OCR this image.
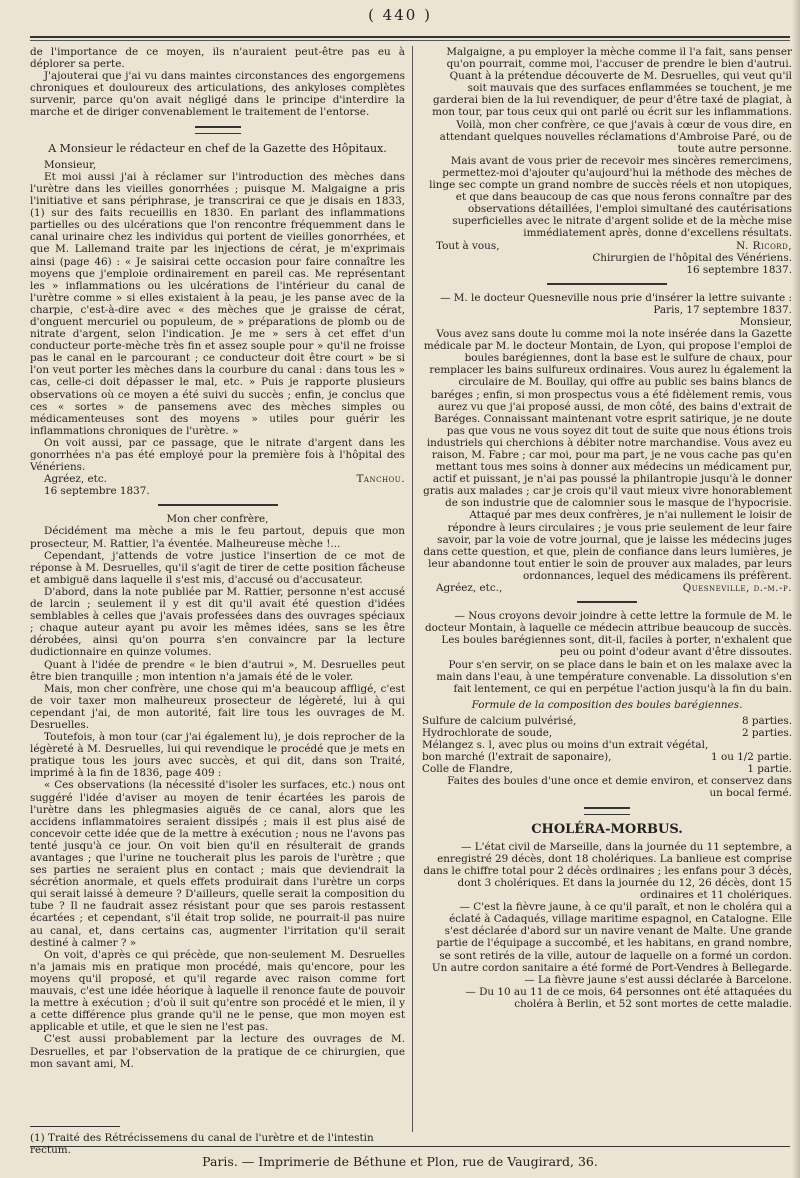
( 440 )

de l'importance de ce moyen, ils n'auraient peut-être pas eu à déplorer sa perte.

J'ajouterai que j'ai vu dans maintes circonstances des engorgemens chroniques et douloureux des articulations, des ankyloses complètes survenir, parce qu'on avait négligé dans le principe d'interdire la marche et de diriger convenablement le traitement de l'entorse.

A Monsieur le rédacteur en chef de la Gazette des Hôpitaux.

Monsieur,

Et moi aussi j'ai à réclamer sur l'introduction des mèches dans l'urètre dans les vieilles gonorrhées ; puisque M. Malgaigne a pris l'initiative et sans périphrase, je transcrirai ce que je disais en 1833, (1) sur des faits recueillis en 1830. En parlant des inflammations partielles ou des ulcérations que l'on rencontre fréquemment dans le canal urinaire chez les individus qui portent de vieilles gonorrhées, et que M. Lallemand traite par les injections de cérat, je m'exprimais ainsi (page 46) : « Je saisirai cette occasion pour faire connaître les moyens que j'emploie ordinairement en pareil cas. Me représentant les » inflammations ou les ulcérations de l'intérieur du canal de l'urètre comme » si elles existaient à la peau, je les panse avec de la charpie, c'est-à-dire avec « des mèches que je graisse de cérat, d'onguent mercuriel ou populeum, de » préparations de plomb ou de nitrate d'argent, selon l'indication. Je me » sers à cet effet d'un conducteur porte-mèche très fin et assez souple pour » qu'il ne froisse pas le canal en le parcourant ; ce conducteur doit être court » be si l'on veut porter les mèches dans la courbure du canal : dans tous les » cas, celle-ci doit dépasser le mal, etc. » Puis je rapporte plusieurs observations où ce moyen a été suivi du succès ; enfin, je conclus que ces « sortes » de pansemens avec des mèches simples ou médicamenteuses sont des moyens » utiles pour guérir les inflammations chroniques de l'urètre. »

On voit aussi, par ce passage, que le nitrate d'argent dans les gonorrhées n'a pas été employé pour la première fois à l'hôpital des Vénériens.

Agréez, etc.	Tanchou.

16 septembre 1837.

Mon cher confrère,

Décidément ma mèche a mis le feu partout, depuis que mon prosecteur, M. Rattier, l'a éventée. Malheureuse mèche !...

Cependant, j'attends de votre justice l'insertion de ce mot de réponse à M. Desruelles, qu'il s'agit de tirer de cette position fâcheuse et ambiguë dans laquelle il s'est mis, d'accusé ou d'accusateur.

D'abord, dans la note publiée par M. Rattier, personne n'est accusé de larcin ; seulement il y est dit qu'il avait été question d'idées semblables à celles que j'avais professées dans des ouvrages spéciaux ; chaque auteur ayant pu avoir les mêmes idées, sans se les être dérobées, ainsi qu'on pourra s'en convaincre par la lecture dudictionnaire en quinze volumes.

Quant à l'idée de prendre « le bien d'autrui », M. Desruelles peut être bien tranquille ; mon intention n'a jamais été de le voler.

Mais, mon cher confrère, une chose qui m'a beaucoup affligé, c'est de voir taxer mon malheureux prosecteur de légèreté, lui à qui cependant j'ai, de mon autorité, fait lire tous les ouvrages de M. Desruelles.

Toutefois, à mon tour (car j'ai également lu), je dois reprocher de la légèreté à M. Desruelles, lui qui revendique le procédé que je mets en pratique tous les jours avec succès, et qui dit, dans son Traité, imprimé à la fin de 1836, page 409 :

« Ces observations (la nécessité d'isoler les surfaces, etc.) nous ont suggéré l'idée d'aviser au moyen de tenir écartées les parois de l'urètre dans les phlegmasies aiguës de ce canal, alors que les accidens inflammatoires seraient dissipés ; mais il est plus aisé de concevoir cette idée que de la mettre à exécution ; nous ne l'avons pas tenté jusqu'à ce jour. On voit bien qu'il en résulterait de grands avantages ; que l'urine ne toucherait plus les parois de l'urètre ; que ses parties ne seraient plus en contact ; mais que deviendrait la sécrétion anormale, et quels effets produirait dans l'urètre un corps qui serait laissé à demeure ? D'ailleurs, quelle serait la composition du tube ? Il ne faudrait assez résistant pour que ses parois restassent écartées ; et cependant, s'il était trop solide, ne pourrait-il pas nuire au canal, et, dans certains cas, augmenter l'irritation qu'il serait destiné à calmer ? »

On voit, d'après ce qui précède, que non-seulement M. Desruelles n'a jamais mis en pratique mon procédé, mais qu'encore, pour les moyens qu'il proposé, et qu'il regarde avec raison comme fort mauvais, c'est une idée héorique à laquelle il renonce faute de pouvoir la mettre à exécution ; d'où il suit qu'entre son procédé et le mien, il y a cette différence plus grande qu'il ne le pense, que mon moyen est applicable et utile, et que le sien ne l'est pas.

C'est aussi probablement par la lecture des ouvrages de M. Desruelles, et par l'observation de la pratique de ce chirurgien, que mon savant ami, M.

Malgaigne, a pu employer la mèche comme il l'a fait, sans penser qu'on pourrait, comme moi, l'accuser de prendre le bien d'autrui.

Quant à la prétendue découverte de M. Desruelles, qui veut qu'il soit mauvais que des surfaces enflammées se touchent, je me garderai bien de la lui revendiquer, de peur d'être taxé de plagiat, à mon tour, par tous ceux qui ont parlé ou écrit sur les inflammations.

Voilà, mon cher confrère, ce que j'avais à cœur de vous dire, en attendant quelques nouvelles réclamations d'Ambroise Paré, ou de toute autre personne.

Mais avant de vous prier de recevoir mes sincères remercimens, permettez-moi d'ajouter qu'aujourd'hui la méthode des mèches de linge sec compte un grand nombre de succès réels et non utopiques, et que dans beaucoup de cas que nous ferons connaître par des observations détaillées, l'emploi simultané des cautérisations superficielles avec le nitrate d'argent solide et de la mèche mise immédiatement après, donne d'excellens résultats.

Tout à vous,	N. Ricord,

Chirurgien de l'hôpital des Vénériens.

16 septembre 1837.

— M. le docteur Quesneville nous prie d'insérer la lettre suivante :

Paris, 17 septembre 1837.

Monsieur,

Vous avez sans doute lu comme moi la note insérée dans la Gazette médicale par M. le docteur Montain, de Lyon, qui propose l'emploi de boules barégiennes, dont la base est le sulfure de chaux, pour remplacer les bains sulfureux ordinaires. Vous aurez lu également la circulaire de M. Boullay, qui offre au public ses bains blancs de baréges ; enfin, si mon prospectus vous a été fidèlement remis, vous aurez vu que j'ai proposé aussi, de mon côté, des bains d'extrait de Baréges. Connaissant maintenant votre esprit satirique, je ne doute pas que vous ne vous soyez dit tout de suite que nous étions trois industriels qui cherchions à débiter notre marchandise. Vous avez eu raison, M. Fabre ; car moi, pour ma part, je ne vous cache pas qu'en mettant tous mes soins à donner aux médecins un médicament pur, actif et puissant, je n'ai pas poussé la philantropie jusqu'à le donner gratis aux malades ; car je crois qu'il vaut mieux vivre honorablement de son industrie que de calomnier sous le masque de l'hypocrisie.

Attaqué par mes deux confrères, je n'ai nullement le loisir de répondre à leurs circulaires ; je vous prie seulement de leur faire savoir, par la voie de votre journal, que je laisse les médecins juges dans cette question, et que, plein de confiance dans leurs lumières, je leur abandonne tout entier le soin de prouver aux malades, par leurs ordonnances, lequel des médicamens ils préfèrent.

Agréez, etc.,	Quesneville, d.-m.-p.

— Nous croyons devoir joindre à cette lettre la formule de M. le docteur Montain, à laquelle ce médecin attribue beaucoup de succès.

Les boules barégiennes sont, dit-il, faciles à porter, n'exhalent que peu ou point d'odeur avant d'être dissoutes.

Pour s'en servir, on se place dans le bain et on les malaxe avec la main dans l'eau, à une température convenable. La dissolution s'en fait lentement, ce qui en perpétue l'action jusqu'à la fin du bain.

Formule de la composition des boules barégiennes.

Sulfure de calcium pulvérisé,	8 parties.
Hydrochlorate de soude,	2 parties.
Mélangez s. l, avec plus ou moins d'un extrait végétal,
bon marché (l'extrait de saponaire),	1 ou 1/2 partie.
Colle de Flandre,	1 partie.

Faites des boules d'une once et demie environ, et conservez dans un bocal fermé.

CHOLÉRA-MORBUS.

— L'état civil de Marseille, dans la journée du 11 septembre, a enregistré 29 décès, dont 18 cholériques. La banlieue est comprise dans le chiffre total pour 2 décès ordinaires ; les enfans pour 3 décès, dont 3 cholériques. Et dans la journée du 12, 26 décès, dont 15 ordinaires et 11 cholériques.

— C'est la fièvre jaune, à ce qu'il paraît, et non le choléra qui a éclaté à Cadaqués, village maritime espagnol, en Catalogne. Elle s'est déclarée d'abord sur un navire venant de Malte. Une grande partie de l'équipage a succombé, et les habitans, en grand nombre, se sont retirés de la ville, autour de laquelle on a formé un cordon. Un autre cordon sanitaire a été formé de Port-Vendres à Bellegarde.

— La fièvre jaune s'est aussi déclarée à Barcelone.

— Du 10 au 11 de ce mois, 64 personnes ont été attaquées du choléra à Berlin, et 52 sont mortes de cette maladie.

(1) Traité des Rétrécissemens du canal de l'urètre et de l'intestin rectum.
Paris. — Imprimerie de Béthune et Plon, rue de Vaugirard, 36.
